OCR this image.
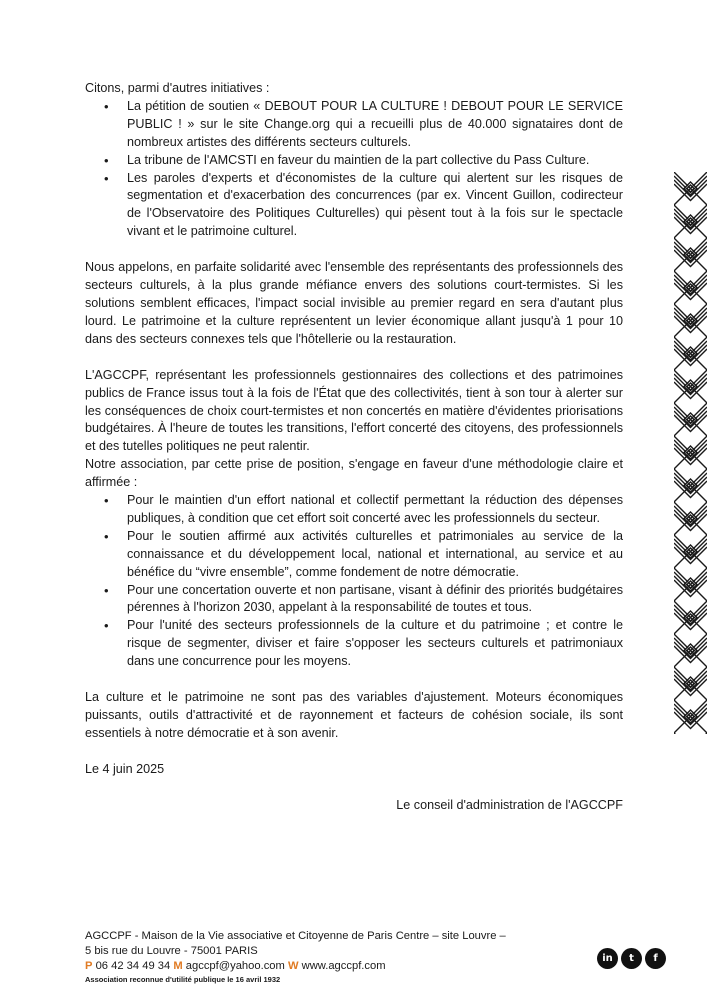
Citons, parmi d'autres initiatives :

• La pétition de soutien « DEBOUT POUR LA CULTURE ! DEBOUT POUR LE SERVICE PUBLIC ! » sur le site Change.org qui a recueilli plus de 40.000 signataires dont de nombreux artistes des différents secteurs culturels.
• La tribune de l'AMCSTI en faveur du maintien de la part collective du Pass Culture.
• Les paroles d'experts et d'économistes de la culture qui alertent sur les risques de segmentation et d'exacerbation des concurrences (par ex. Vincent Guillon, codirecteur de l'Observatoire des Politiques Culturelles) qui pèsent tout à la fois sur le spectacle vivant et le patrimoine culturel.

Nous appelons, en parfaite solidarité avec l'ensemble des représentants des professionnels des secteurs culturels, à la plus grande méfiance envers des solutions court-termistes. Si les solutions semblent efficaces, l'impact social invisible au premier regard en sera d'autant plus lourd. Le patrimoine et la culture représentent un levier économique allant jusqu'à 1 pour 10 dans des secteurs connexes tels que l'hôtellerie ou la restauration.

L'AGCCPF, représentant les professionnels gestionnaires des collections et des patrimoines publics de France issus tout à la fois de l'État que des collectivités, tient à son tour à alerter sur les conséquences de choix court-termistes et non concertés en matière d'évidentes priorisations budgétaires. À l'heure de toutes les transitions, l'effort concerté des citoyens, des professionnels et des tutelles politiques ne peut ralentir.

Notre association, par cette prise de position, s'engage en faveur d'une méthodologie claire et affirmée :

• Pour le maintien d'un effort national et collectif permettant la réduction des dépenses publiques, à condition que cet effort soit concerté avec les professionnels du secteur.
• Pour le soutien affirmé aux activités culturelles et patrimoniales au service de la connaissance et du développement local, national et international, au service et au bénéfice du “vivre ensemble”, comme fondement de notre démocratie.
• Pour une concertation ouverte et non partisane, visant à définir des priorités budgétaires pérennes à l'horizon 2030, appelant à la responsabilité de toutes et tous.
• Pour l'unité des secteurs professionnels de la culture et du patrimoine ; et contre le risque de segmenter, diviser et faire s'opposer les secteurs culturels et patrimoniaux dans une concurrence pour les moyens.

La culture et le patrimoine ne sont pas des variables d'ajustement. Moteurs économiques puissants, outils d'attractivité et de rayonnement et facteurs de cohésion sociale, ils sont essentiels à notre démocratie et à son avenir.

Le 4 juin 2025

Le conseil d'administration de l'AGCCPF

AGCCPF - Maison de la Vie associative et Citoyenne de Paris Centre – site Louvre –
5 bis rue du Louvre - 75001 PARIS
P 06 42 34 49 34 M agccpf@yahoo.com W www.agccpf.com
Association reconnue d'utilité publique le 16 avril 1932
in	t	f
